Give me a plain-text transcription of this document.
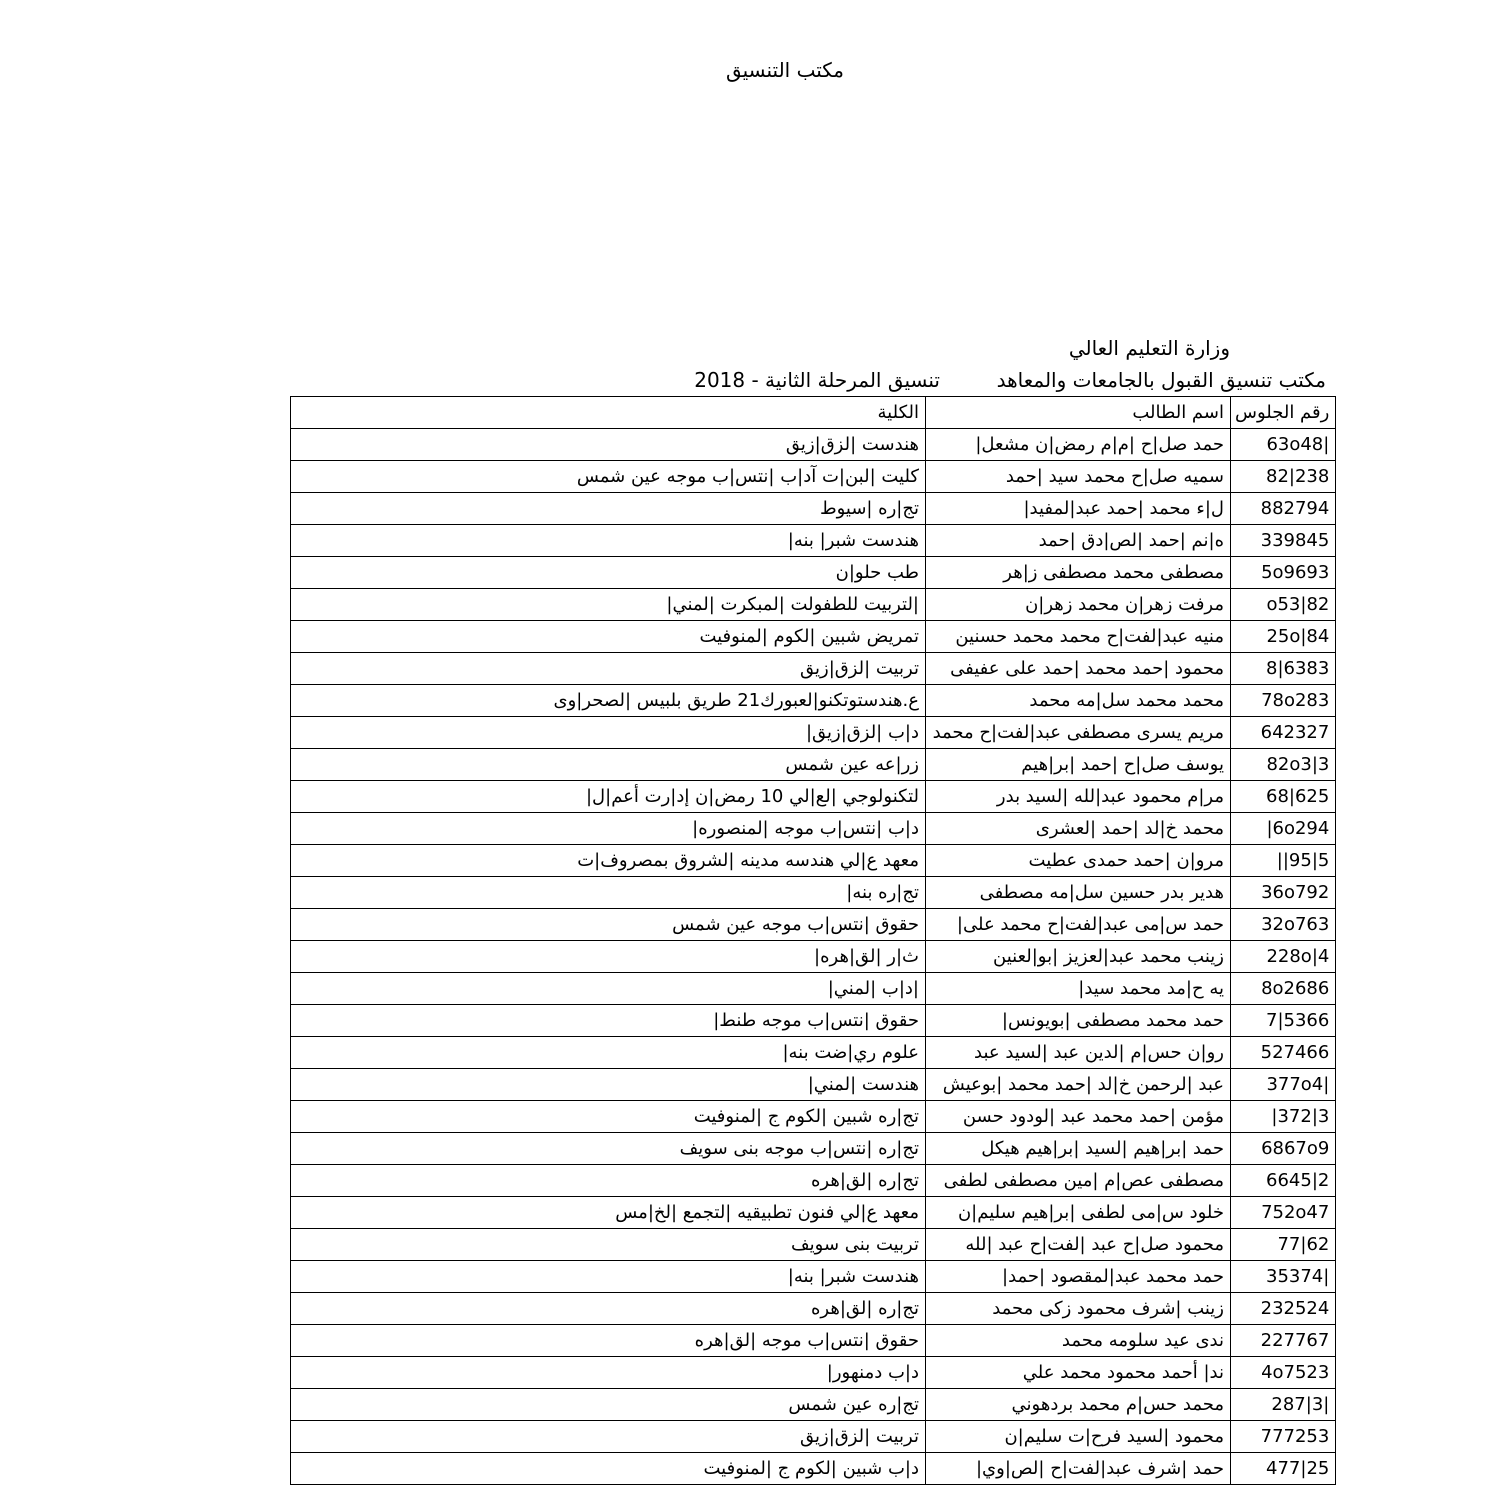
مكتب التنسيق
وزارة التعليم العالي
مكتب تنسيق القبول بالجامعات والمعاهد
تنسيق المرحلة الثانية - 2018
رقم الجلوس	اسم الطالب	الكلية
|63o48	حمد صل|ح |م|م رمض|ن مشعل|	هندست |لزق|زيق
238|82	سميه صل|ح محمد سيد |حمد	كليت |لبن|ت آد|ب |نتس|ب موجه عين شمس
882794	ل|ء محمد |حمد عبد|لمفيد|	تج|ره |سيوط
339845	ه|نم |حمد |لص|دق |حمد	هندست شبر| بنه|
5o9693	مصطفى محمد مصطفى ز|هر	طب حلو|ن
82|o53	مرفت زهر|ن محمد زهر|ن	|لتربيت للطفولت |لمبكرت |لمني|
25o|84	منيه عبد|لفت|ح محمد محمد حسنين	تمريض شبين |لكوم |لمنوفيت
6383|8	محمود |حمد محمد |حمد على عفيفى	تربيت |لزق|زيق
78o283	محمد محمد سل|مه محمد	ع.هندستوتكنو|لعبورك21 طريق بلبيس |لصحر|وى
642327	مريم يسرى مصطفى عبد|لفت|ح محمد	د|ب |لزق|زيق|
3|82o3	يوسف صل|ح |حمد |بر|هيم	زر|عه عين شمس
625|68	مر|م محمود عبد|لله |لسيد بدر	لتكنولوجي |لع|لي 10 رمض|ن إد|رت أعم|ل|
6o294|	محمد خ|لد |حمد |لعشرى	د|ب |نتس|ب موجه |لمنصوره|
5|95||	مرو|ن |حمد حمدى عطيت	معهد ع|لي هندسه مدينه |لشروق بمصروف|ت
36o792	هدير بدر حسين سل|مه مصطفى	تج|ره بنه|
32o763	حمد س|مى عبد|لفت|ح محمد على|	حقوق |نتس|ب موجه عين شمس
228o|4	زينب محمد عبد|لعزيز |بو|لعنين	ث|ر |لق|هره|
8o2686	يه ح|مد محمد سيد|	|د|ب |لمني|
5366|7	حمد محمد مصطفى |بويونس|	حقوق |نتس|ب موجه طنط|
527466	رو|ن حس|م |لدين عبد |لسيد عبد	علوم ري|ضت بنه|
|377o4	عبد |لرحمن خ|لد |حمد محمد |بوعيش	هندست |لمني|
3|372|	مؤمن |حمد محمد عبد |لودود حسن	تج|ره شبين |لكوم ج |لمنوفيت
6867o9	حمد |بر|هيم |لسيد |بر|هيم هيكل	تج|ره |نتس|ب موجه بنى سويف
2|6645	مصطفى عص|م |مين مصطفى لطفى	تج|ره |لق|هره
752o47	خلود س|مى لطفى |بر|هيم سليم|ن	معهد ع|لي فنون تطبيقيه |لتجمع |لخ|مس
62|77	محمود صل|ح عبد |لفت|ح عبد |لله	تربيت بنى سويف
|35374	حمد محمد عبد|لمقصود |حمد|	هندست شبر| بنه|
232524	زينب |شرف محمود زكى محمد	تج|ره |لق|هره
227767	ندى عيد سلومه محمد	حقوق |نتس|ب موجه |لق|هره
4o7523	ند| أحمد محمود محمد علي	د|ب دمنهور|
|3|287	محمد حس|م محمد بردهوني	تج|ره عين شمس
777253	محمود |لسيد فرح|ت سليم|ن	تربيت |لزق|زيق
25|477	حمد |شرف عبد|لفت|ح |لص|وي|	د|ب شبين |لكوم ج |لمنوفيت
